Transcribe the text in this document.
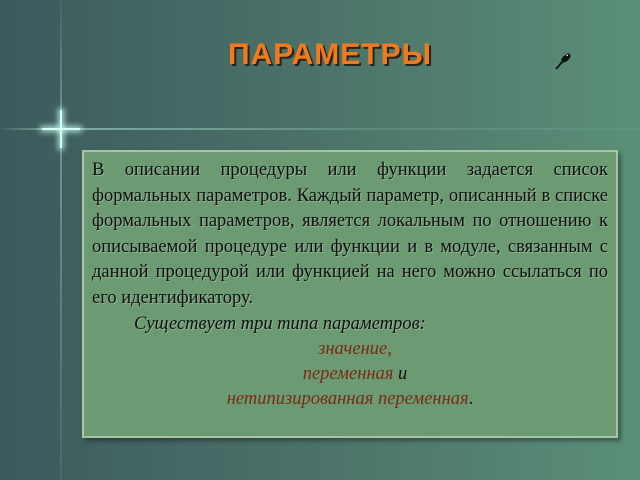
ПАРАМЕТРЫ

В описании процедуры или функции задается список формальных параметров. Каждый параметр, описанный в списке формальных параметров, является локальным по отношению к описываемой процедуре или функции и в модуле, связанным с данной процедурой или функцией на него можно ссылаться по его идентификатору.

Существует три типа параметров:

значение,
переменная и
нетипизированная переменная.
